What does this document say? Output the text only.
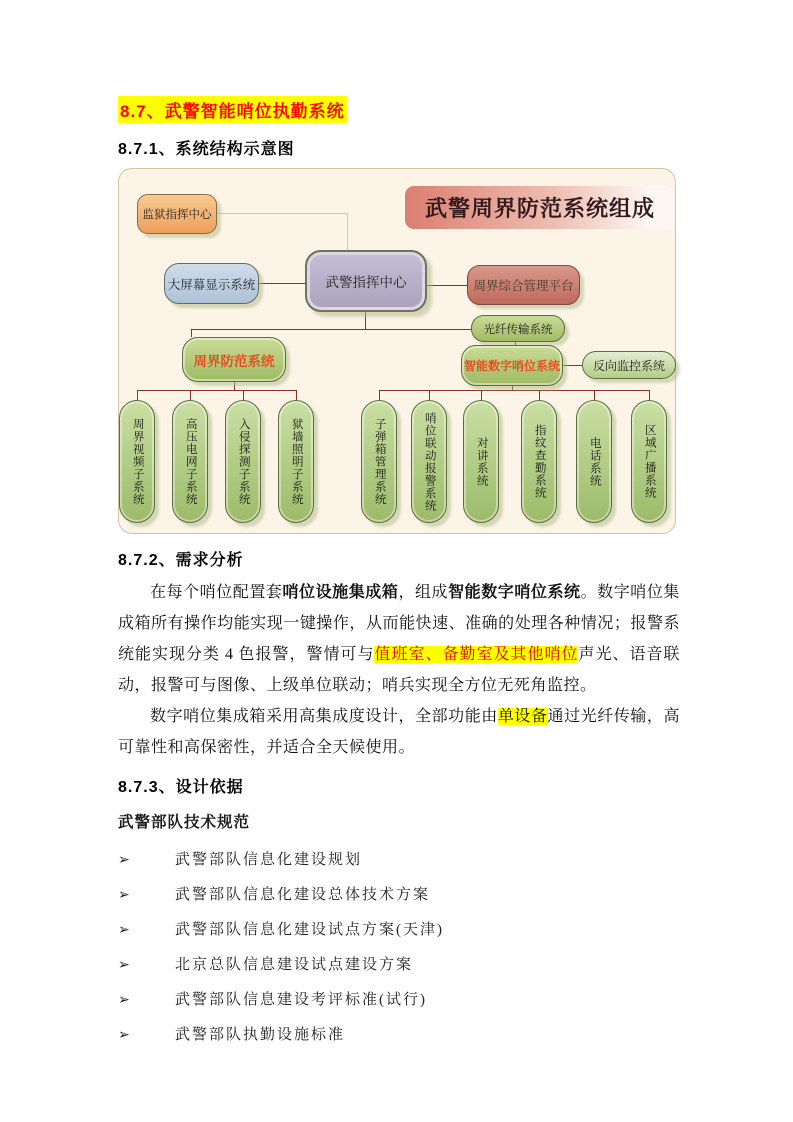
8.7、武警智能哨位执勤系统
8.7.1、系统结构示意图
监狱指挥中心	武警周界防范系统组成
大屏幕显示系统	武警指挥中心	周界综合管理平台
光纤传输系统
周界防范系统	智能数字哨位系统	反向监控系统
周界视频子系统	高压电网子系统	入侵探测子系统	狱墙照明子系统	子弹箱管理系统	哨位联动报警系统	对讲系统	指纹查勤系统	电话系统	区域广播系统
8.7.2、需求分析

在每个哨位配置套哨位设施集成箱，组成智能数字哨位系统。数字哨位集成箱所有操作均能实现一键操作，从而能快速、准确的处理各种情况；报警系统能实现分类 4 色报警，警情可与值班室、备勤室及其他哨位声光、语音联动，报警可与图像、上级单位联动；哨兵实现全方位无死角监控。

数字哨位集成箱采用高集成度设计，全部功能由单设备通过光纤传输，高可靠性和高保密性，并适合全天候使用。

8.7.3、设计依据
武警部队技术规范
➢	武警部队信息化建设规划
➢	武警部队信息化建设总体技术方案
➢	武警部队信息化建设试点方案(天津)
➢	北京总队信息建设试点建设方案
➢	武警部队信息建设考评标准(试行)
➢	武警部队执勤设施标准
